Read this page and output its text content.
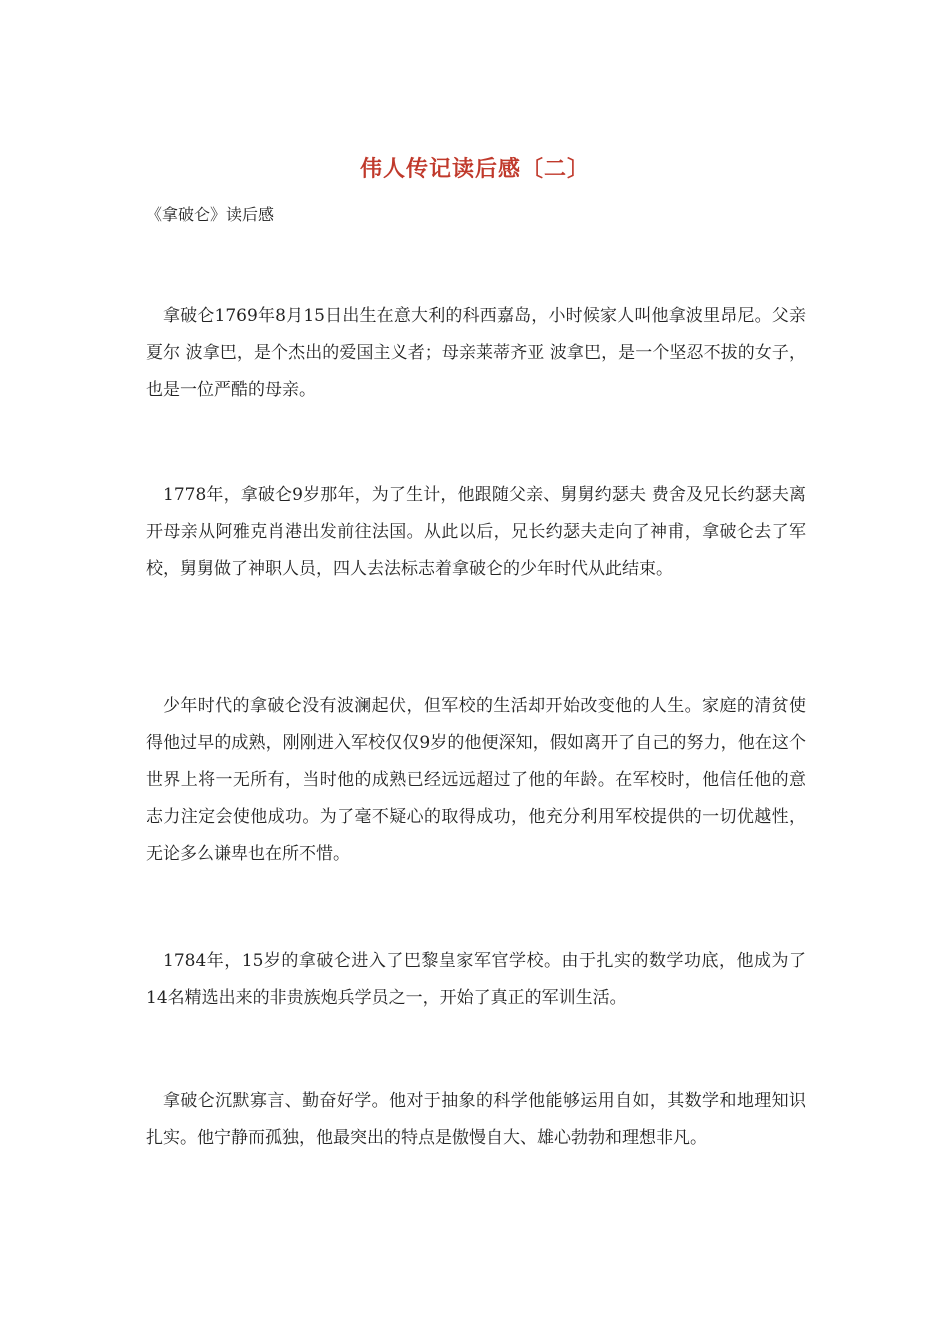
伟人传记读后感〔二〕
《拿破仑》读后感

拿破仑1769年8月15日出生在意大利的科西嘉岛，小时候家人叫他拿波里昂尼。父亲夏尔 波拿巴，是个杰出的爱国主义者；母亲莱蒂齐亚 波拿巴，是一个坚忍不拔的女子，也是一位严酷的母亲。

1778年，拿破仑9岁那年，为了生计，他跟随父亲、舅舅约瑟夫 费舍及兄长约瑟夫离开母亲从阿雅克肖港出发前往法国。从此以后，兄长约瑟夫走向了神甫，拿破仑去了军校，舅舅做了神职人员，四人去法标志着拿破仑的少年时代从此结束。

少年时代的拿破仑没有波澜起伏，但军校的生活却开始改变他的人生。家庭的清贫使得他过早的成熟，刚刚进入军校仅仅9岁的他便深知，假如离开了自己的努力，他在这个世界上将一无所有，当时他的成熟已经远远超过了他的年龄。在军校时，他信任他的意志力注定会使他成功。为了毫不疑心的取得成功，他充分利用军校提供的一切优越性，无论多么谦卑也在所不惜。

1784年，15岁的拿破仑进入了巴黎皇家军官学校。由于扎实的数学功底，他成为了14名精选出来的非贵族炮兵学员之一，开始了真正的军训生活。

拿破仑沉默寡言、勤奋好学。他对于抽象的科学他能够运用自如，其数学和地理知识扎实。他宁静而孤独，他最突出的特点是傲慢自大、雄心勃勃和理想非凡。
